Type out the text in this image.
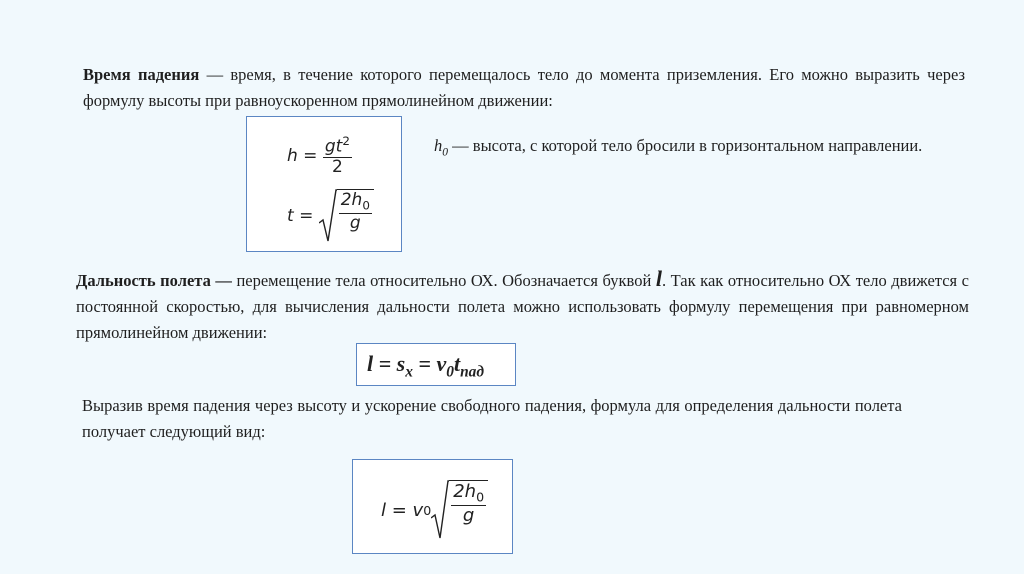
Время падения — время, в течение которого перемещалось тело до момента приземления. Его можно выразить через формулу высоты при равноускоренном прямолинейном движении:
h =
$\frac{gt^2}{2}$
t =
$\frac{2h_0}{g}$
$h_0$ — высота, с которой тело бросили в горизонтальном направлении.
Дальность полета — перемещение тела относительно ОХ. Обозначается буквой l. Так как относительно ОХ тело движется с постоянной скоростью, для вычисления дальности полета можно использовать формулу перемещения при равномерном прямолинейном движении:
$l = s_x = v_0t_{пад}$
Выразив время падения через высоту и ускорение свободного падения, формула для определения дальности полета получает следующий вид:
l = v $0 \frac{2h_0}{g}$
